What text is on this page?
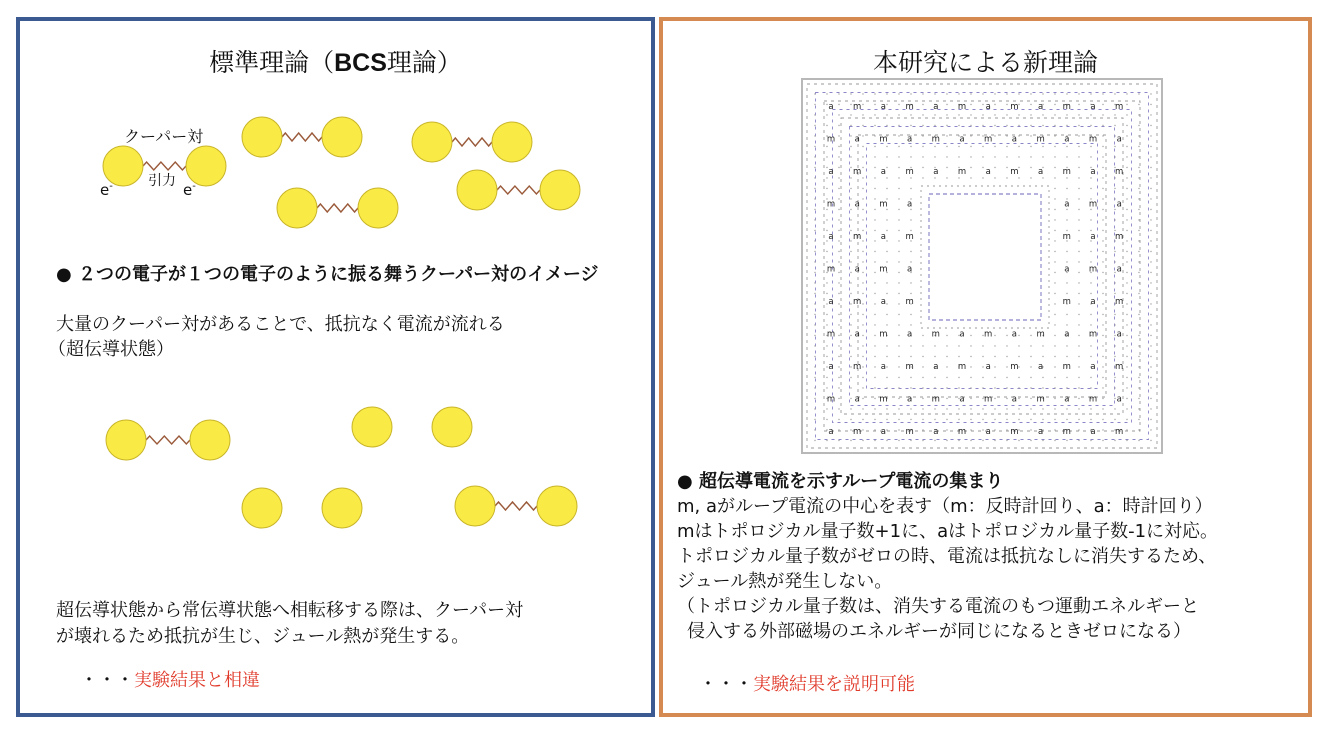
標準理論（BCS理論）
クーパー対
引力
e-	e-
● ２つの電子が１つの電子のように振る舞うクーパー対のイメージ
大量のクーパー対があることで、抵抗なく電流が流れる
（超伝導状態）
超伝導状態から常伝導状態へ相転移する際は、クーパー対
が壊れるため抵抗が生じ、ジュール熱が発生する。
・・・実験結果と相違
本研究による新理論
a m a m a m a m a m a m
m a m a m a m a m a m a
a m a m a m a m a m a m
m a m a	a m a
a m a m	m a m
m a m a	a m a
a m a m	m a m
m a m a m a m a m a m a
a m a m a m a m a m a m
m a m a m a m a m a m a
a m a m a m a m a m a m
● 超伝導電流を示すループ電流の集まり
m, aがループ電流の中心を表す（m：反時計回り、a：時計回り）
mはトポロジカル量子数+1に、aはトポロジカル量子数-1に対応。
トポロジカル量子数がゼロの時、電流は抵抗なしに消失するため、
ジュール熱が発生しない。
（トポロジカル量子数は、消失する電流のもつ運動エネルギーと
侵入する外部磁場のエネルギーが同じになるときゼロになる）
・・・実験結果を説明可能
